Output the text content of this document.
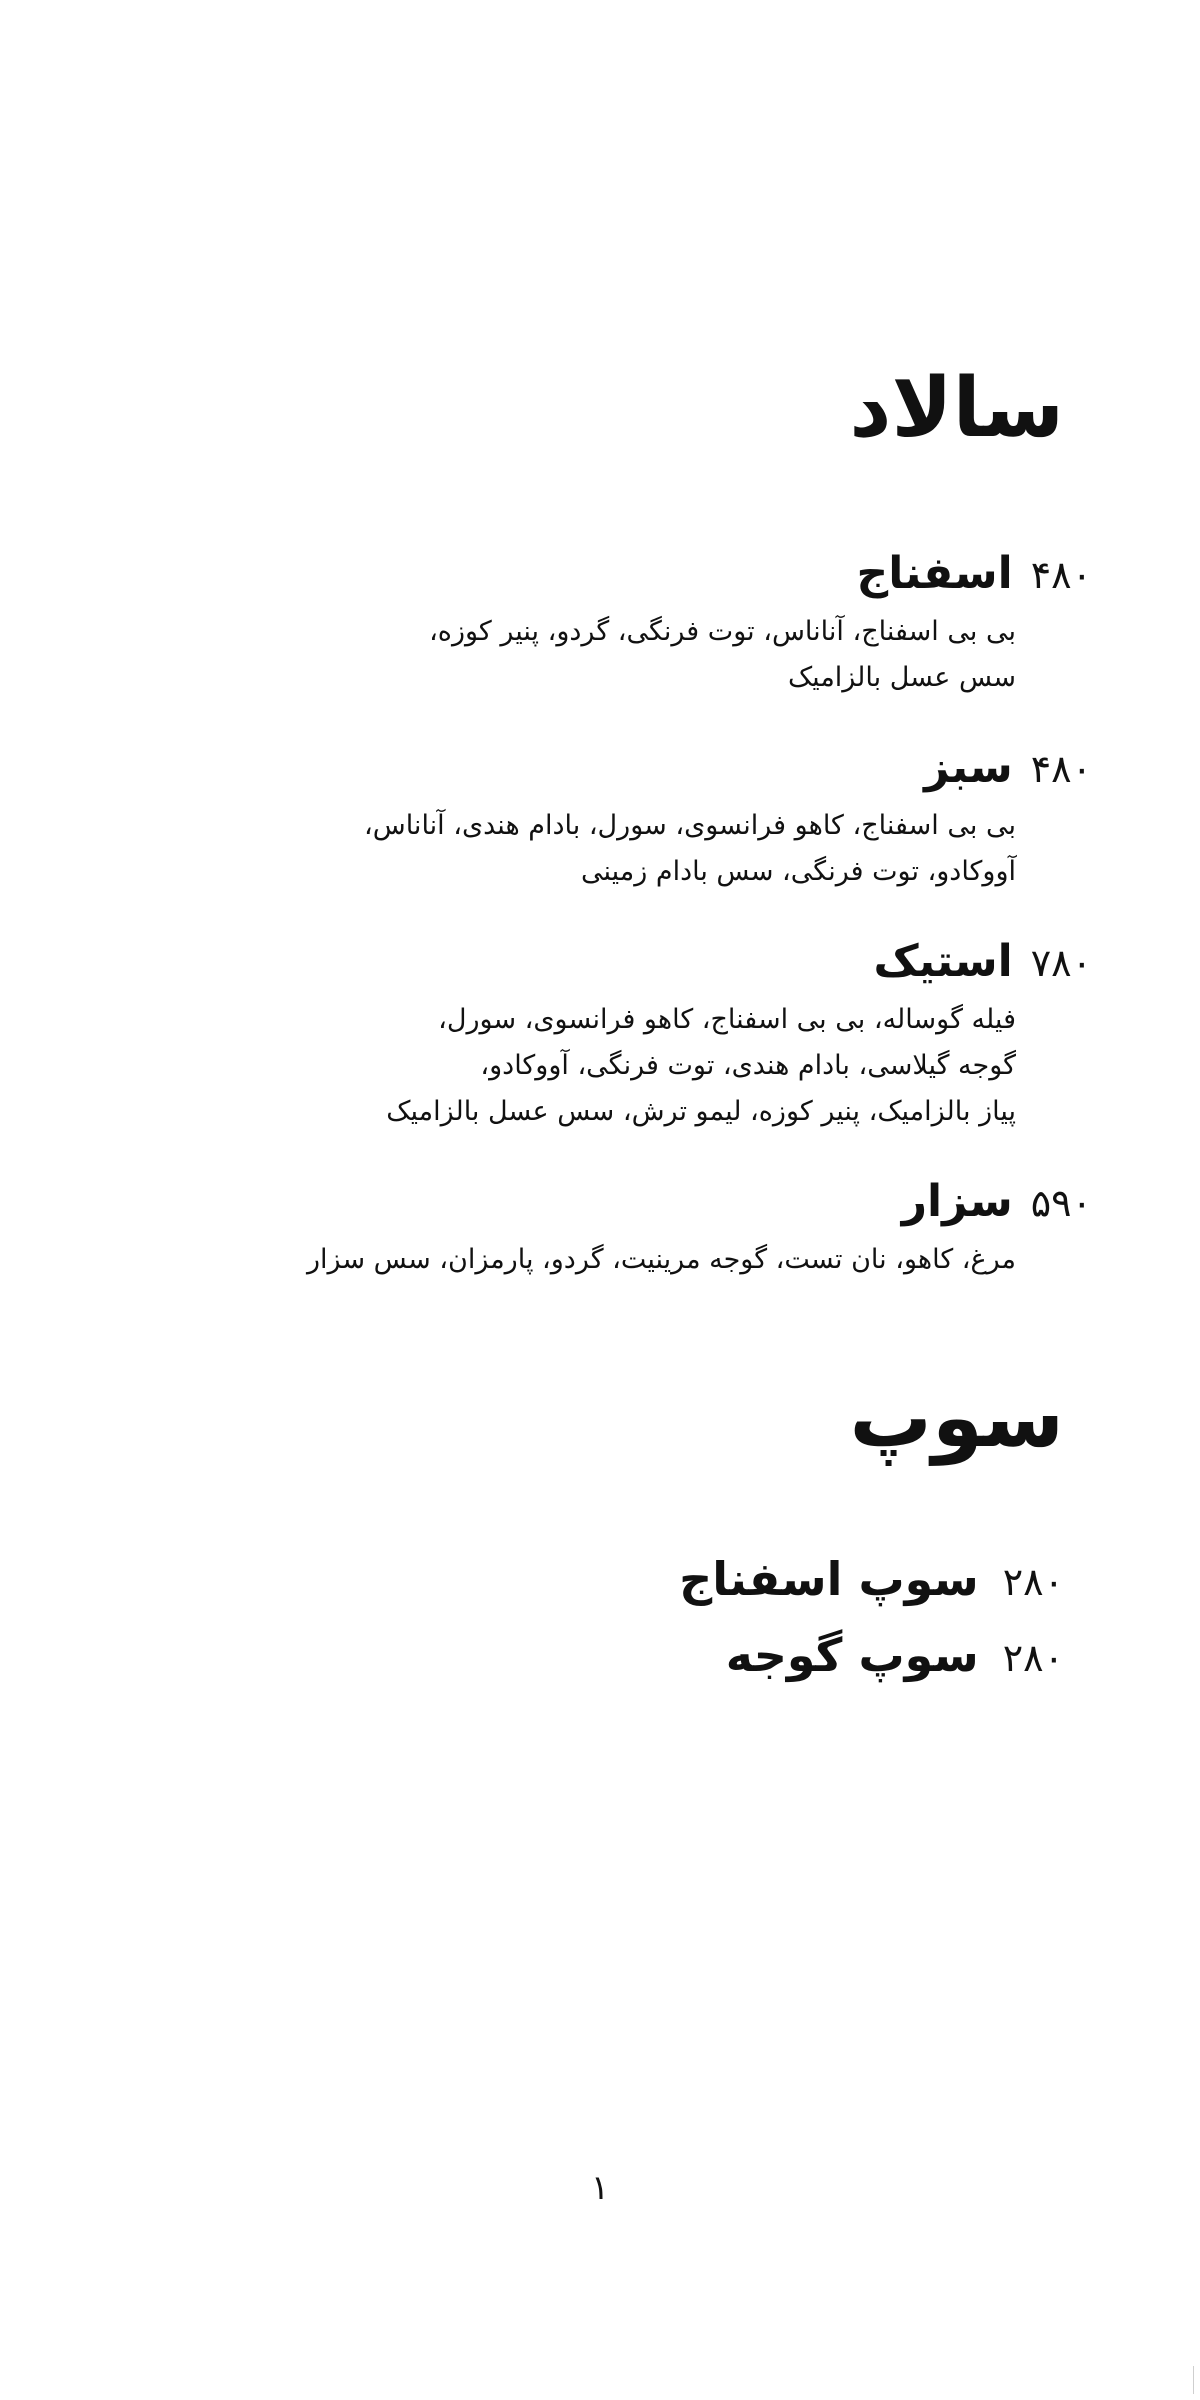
سالاد
۴۸۰
اسفناج
بی بی اسفناج، آناناس، توت فرنگی، گردو، پنیر کوزه،
سس عسل بالزامیک
۴۸۰
سبز
بی بی اسفناج، کاهو فرانسوی، سورل، بادام هندی، آناناس،
آووکادو، توت فرنگی، سس بادام زمینی
۷۸۰
استیک
فیله گوساله، بی بی اسفناج، کاهو فرانسوی، سورل،
گوجه گیلاسی، بادام هندی، توت فرنگی، آووکادو،
پیاز بالزامیک، پنیر کوزه، لیمو ترش، سس عسل بالزامیک
۵۹۰
سزار
مرغ، کاهو، نان تست، گوجه مرینیت، گردو، پارمزان، سس سزار
سوپ
۲۸۰
سوپ اسفناج
۲۸۰
سوپ گوجه
۱
